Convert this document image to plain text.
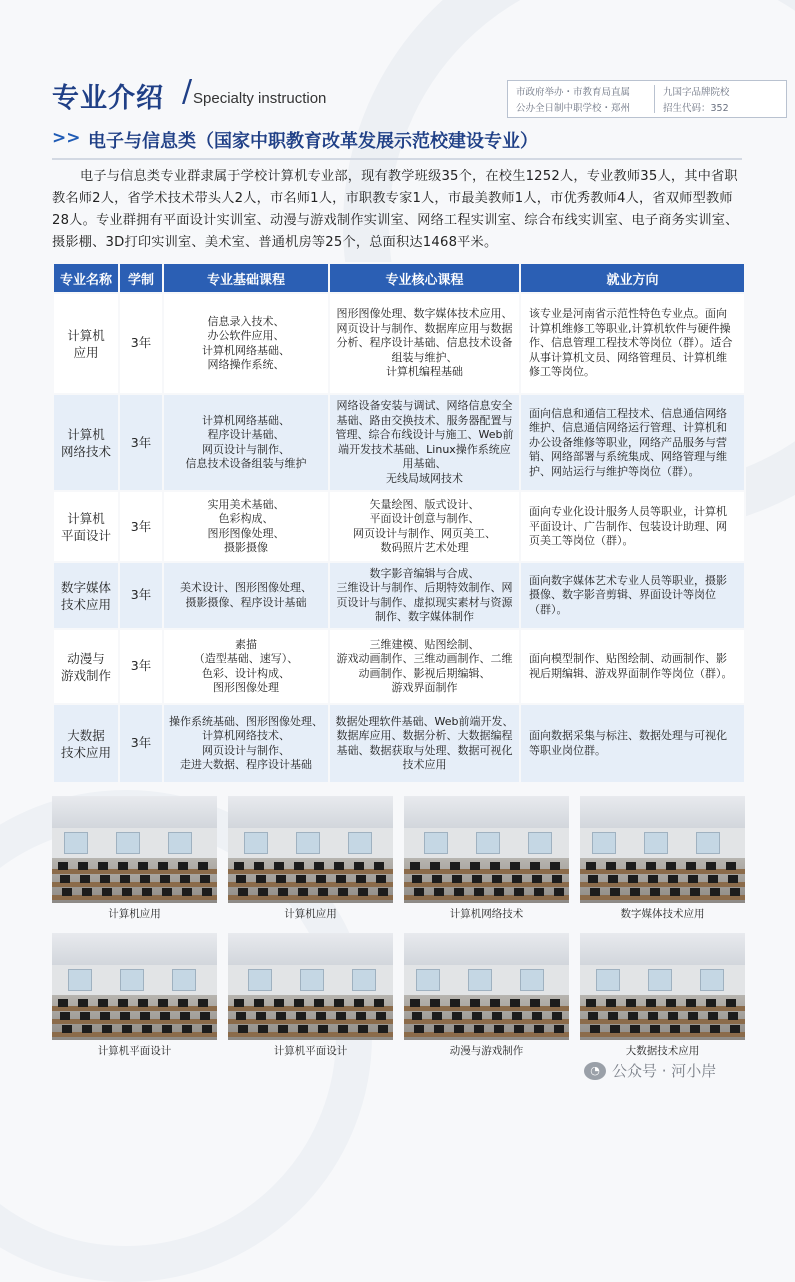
专业介绍 / Specialty instruction	市政府举办・市教育局直属
公办全日制中职学校・郑州
九国字品牌院校
招生代码：352
>> 电子与信息类（国家中职教育改革发展示范校建设专业）
电子与信息类专业群隶属于学校计算机专业部，现有教学班级35个，在校生1252人，专业教师35人，其中省职教名师2人，省学术技术带头人2人，市名师1人，市职教专家1人，市最美教师1人，市优秀教师4人，省双师型教师28人。专业群拥有平面设计实训室、动漫与游戏制作实训室、网络工程实训室、综合布线实训室、电子商务实训室、摄影棚、3D打印实训室、美术室、普通机房等25个，总面积达1468平米。
专业名称	学制	专业基础课程	专业核心课程	就业方向
计算机
应用	3年	信息录入技术、
办公软件应用、
计算机网络基础、
网络操作系统、	图形图像处理、数字媒体技术应用、网页设计与制作、数据库应用与数据分析、程序设计基础、信息技术设备组装与维护、
计算机编程基础	该专业是河南省示范性特色专业点。面向计算机维修工等职业,计算机软件与硬件操作、信息管理工程技术等岗位（群）。适合从事计算机文员、网络管理员、计算机维修工等岗位。
计算机
网络技术	3年	计算机网络基础、
程序设计基础、
网页设计与制作、
信息技术设备组装与维护	网络设备安装与调试、网络信息安全基础、路由交换技术、服务器配置与管理、综合布线设计与施工、Web前端开发技术基础、Linux操作系统应用基础、
无线局域网技术	面向信息和通信工程技术、信息通信网络维护、信息通信网络运行管理、计算机和办公设备维修等职业，网络产品服务与营销、网络部署与系统集成、网络管理与维护、网站运行与维护等岗位（群）。
计算机
平面设计	3年	实用美术基础、
色彩构成、
图形图像处理、
摄影摄像	矢量绘图、版式设计、
平面设计创意与制作、
网页设计与制作、网页美工、
数码照片艺术处理	面向专业化设计服务人员等职业，计算机平面设计、广告制作、包装设计助理、网页美工等岗位（群）。
数字媒体
技术应用	3年	美术设计、图形图像处理、
摄影摄像、程序设计基础	数字影音编辑与合成、
三维设计与制作、后期特效制作、网页设计与制作、虚拟现实素材与资源制作、数字媒体制作	面向数字媒体艺术专业人员等职业，摄影摄像、数字影音剪辑、界面设计等岗位（群）。
动漫与
游戏制作	3年	素描
（造型基础、速写）、
色彩、设计构成、
图形图像处理	三维建模、贴图绘制、
游戏动画制作、三维动画制作、二维动画制作、影视后期编辑、
游戏界面制作	面向模型制作、贴图绘制、动画制作、影视后期编辑、游戏界面制作等岗位（群）。
大数据
技术应用	3年	操作系统基础、图形图像处理、计算机网络技术、
网页设计与制作、
走进大数据、程序设计基础	数据处理软件基础、Web前端开发、数据库应用、数据分析、大数据编程基础、数据获取与处理、数据可视化技术应用	面向数据采集与标注、数据处理与可视化等职业岗位群。
计算机应用	计算机应用	计算机网络技术	数字媒体技术应用
计算机平面设计	计算机平面设计	动漫与游戏制作	大数据技术应用
◔ 公众号 · 河小岸
